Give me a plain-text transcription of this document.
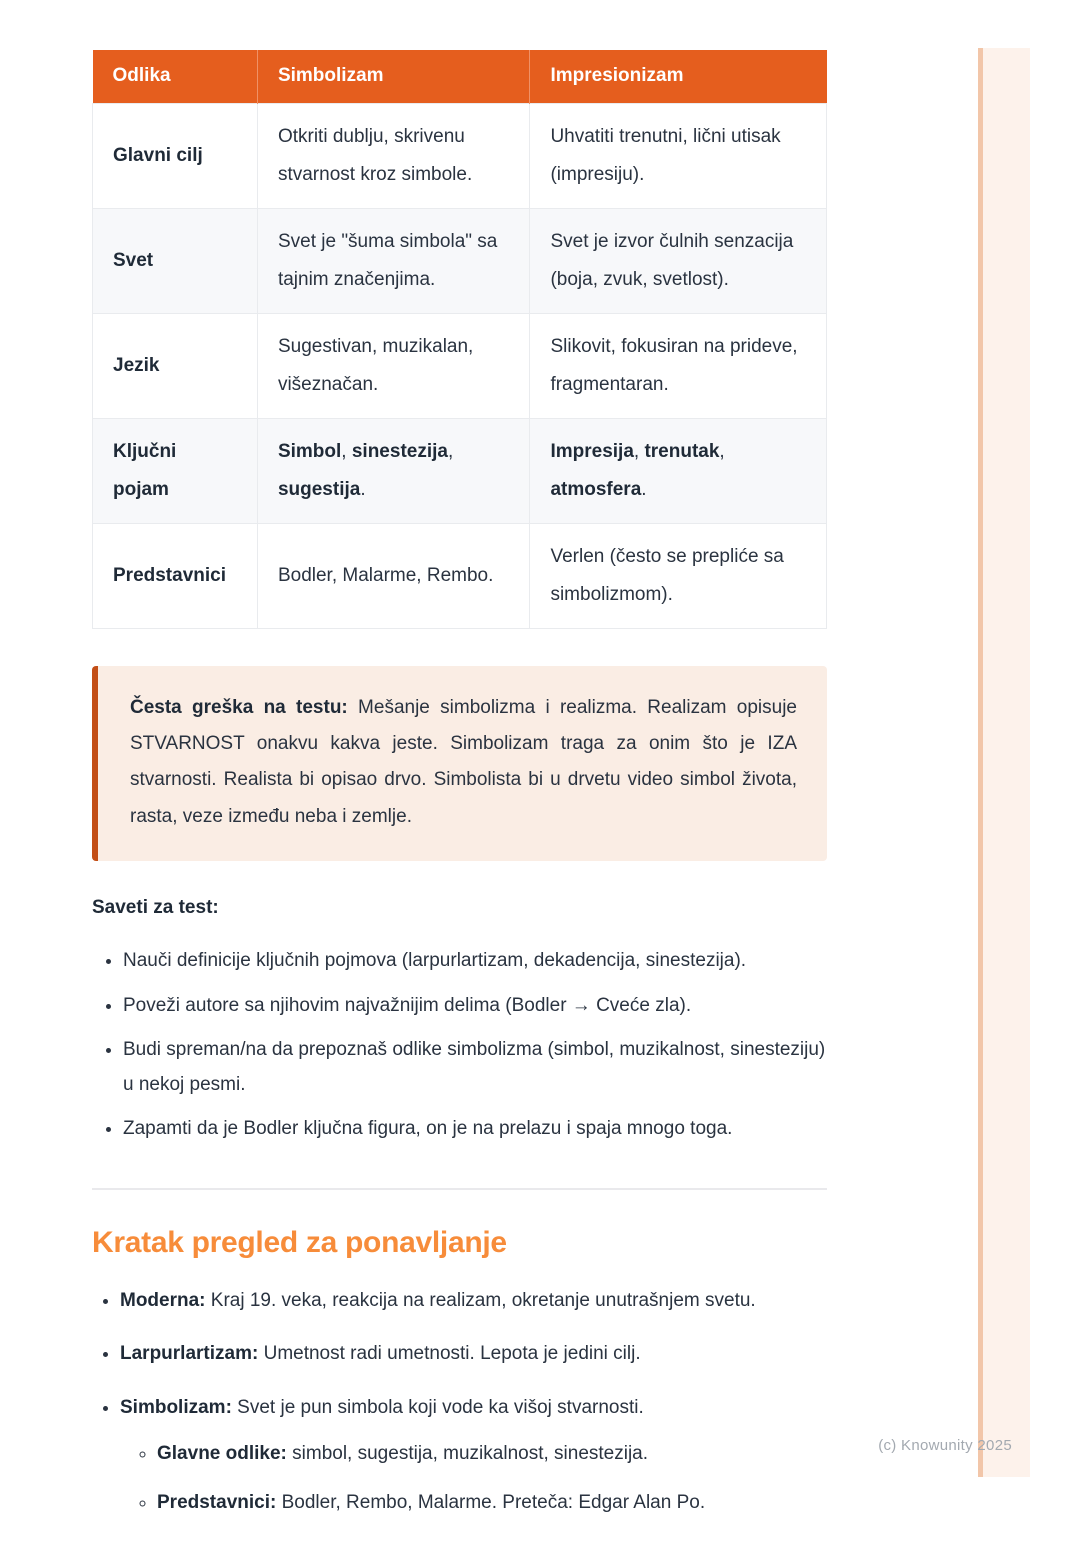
Odlika	Simbolizam	Impresionizam
Glavni cilj	Otkriti dublju, skrivenu stvarnost kroz simbole.	Uhvatiti trenutni, lični utisak (impresiju).
Svet	Svet je "šuma simbola" sa tajnim značenjima.	Svet je izvor čulnih senzacija (boja, zvuk, svetlost).
Jezik	Sugestivan, muzikalan, višeznačan.	Slikovit, fokusiran na prideve, fragmentaran.
Ključni pojam	Simbol, sinestezija, sugestija.	Impresija, trenutak, atmosfera.
Predstavnici	Bodler, Malarme, Rembo.	Verlen (često se prepliće sa simbolizmom).
Česta greška na testu: Mešanje simbolizma i realizma. Realizam opisuje STVARNOST onakvu kakva jeste. Simbolizam traga za onim što je IZA stvarnosti. Realista bi opisao drvo. Simbolista bi u drvetu video simbol života, rasta, veze između neba i zemlje.
Saveti za test:
• Nauči definicije ključnih pojmova (larpurlartizam, dekadencija, sinestezija).
• Poveži autore sa njihovim najvažnijim delima (Bodler → Cveće zla).
• Budi spreman/na da prepoznaš odlike simbolizma (simbol, muzikalnost, sinesteziju) u nekoj pesmi.
• Zapamti da je Bodler ključna figura, on je na prelazu i spaja mnogo toga.
Kratak pregled za ponavljanje
• Moderna: Kraj 19. veka, reakcija na realizam, okretanje unutrašnjem svetu.
• Larpurlartizam: Umetnost radi umetnosti. Lepota je jedini cilj.
• Simbolizam: Svet je pun simbola koji vode ka višoj stvarnosti.
◦ Glavne odlike: simbol, sugestija, muzikalnost, sinestezija.
◦ Predstavnici: Bodler, Rembo, Malarme. Preteča: Edgar Alan Po.
(c) Knowunity 2025
